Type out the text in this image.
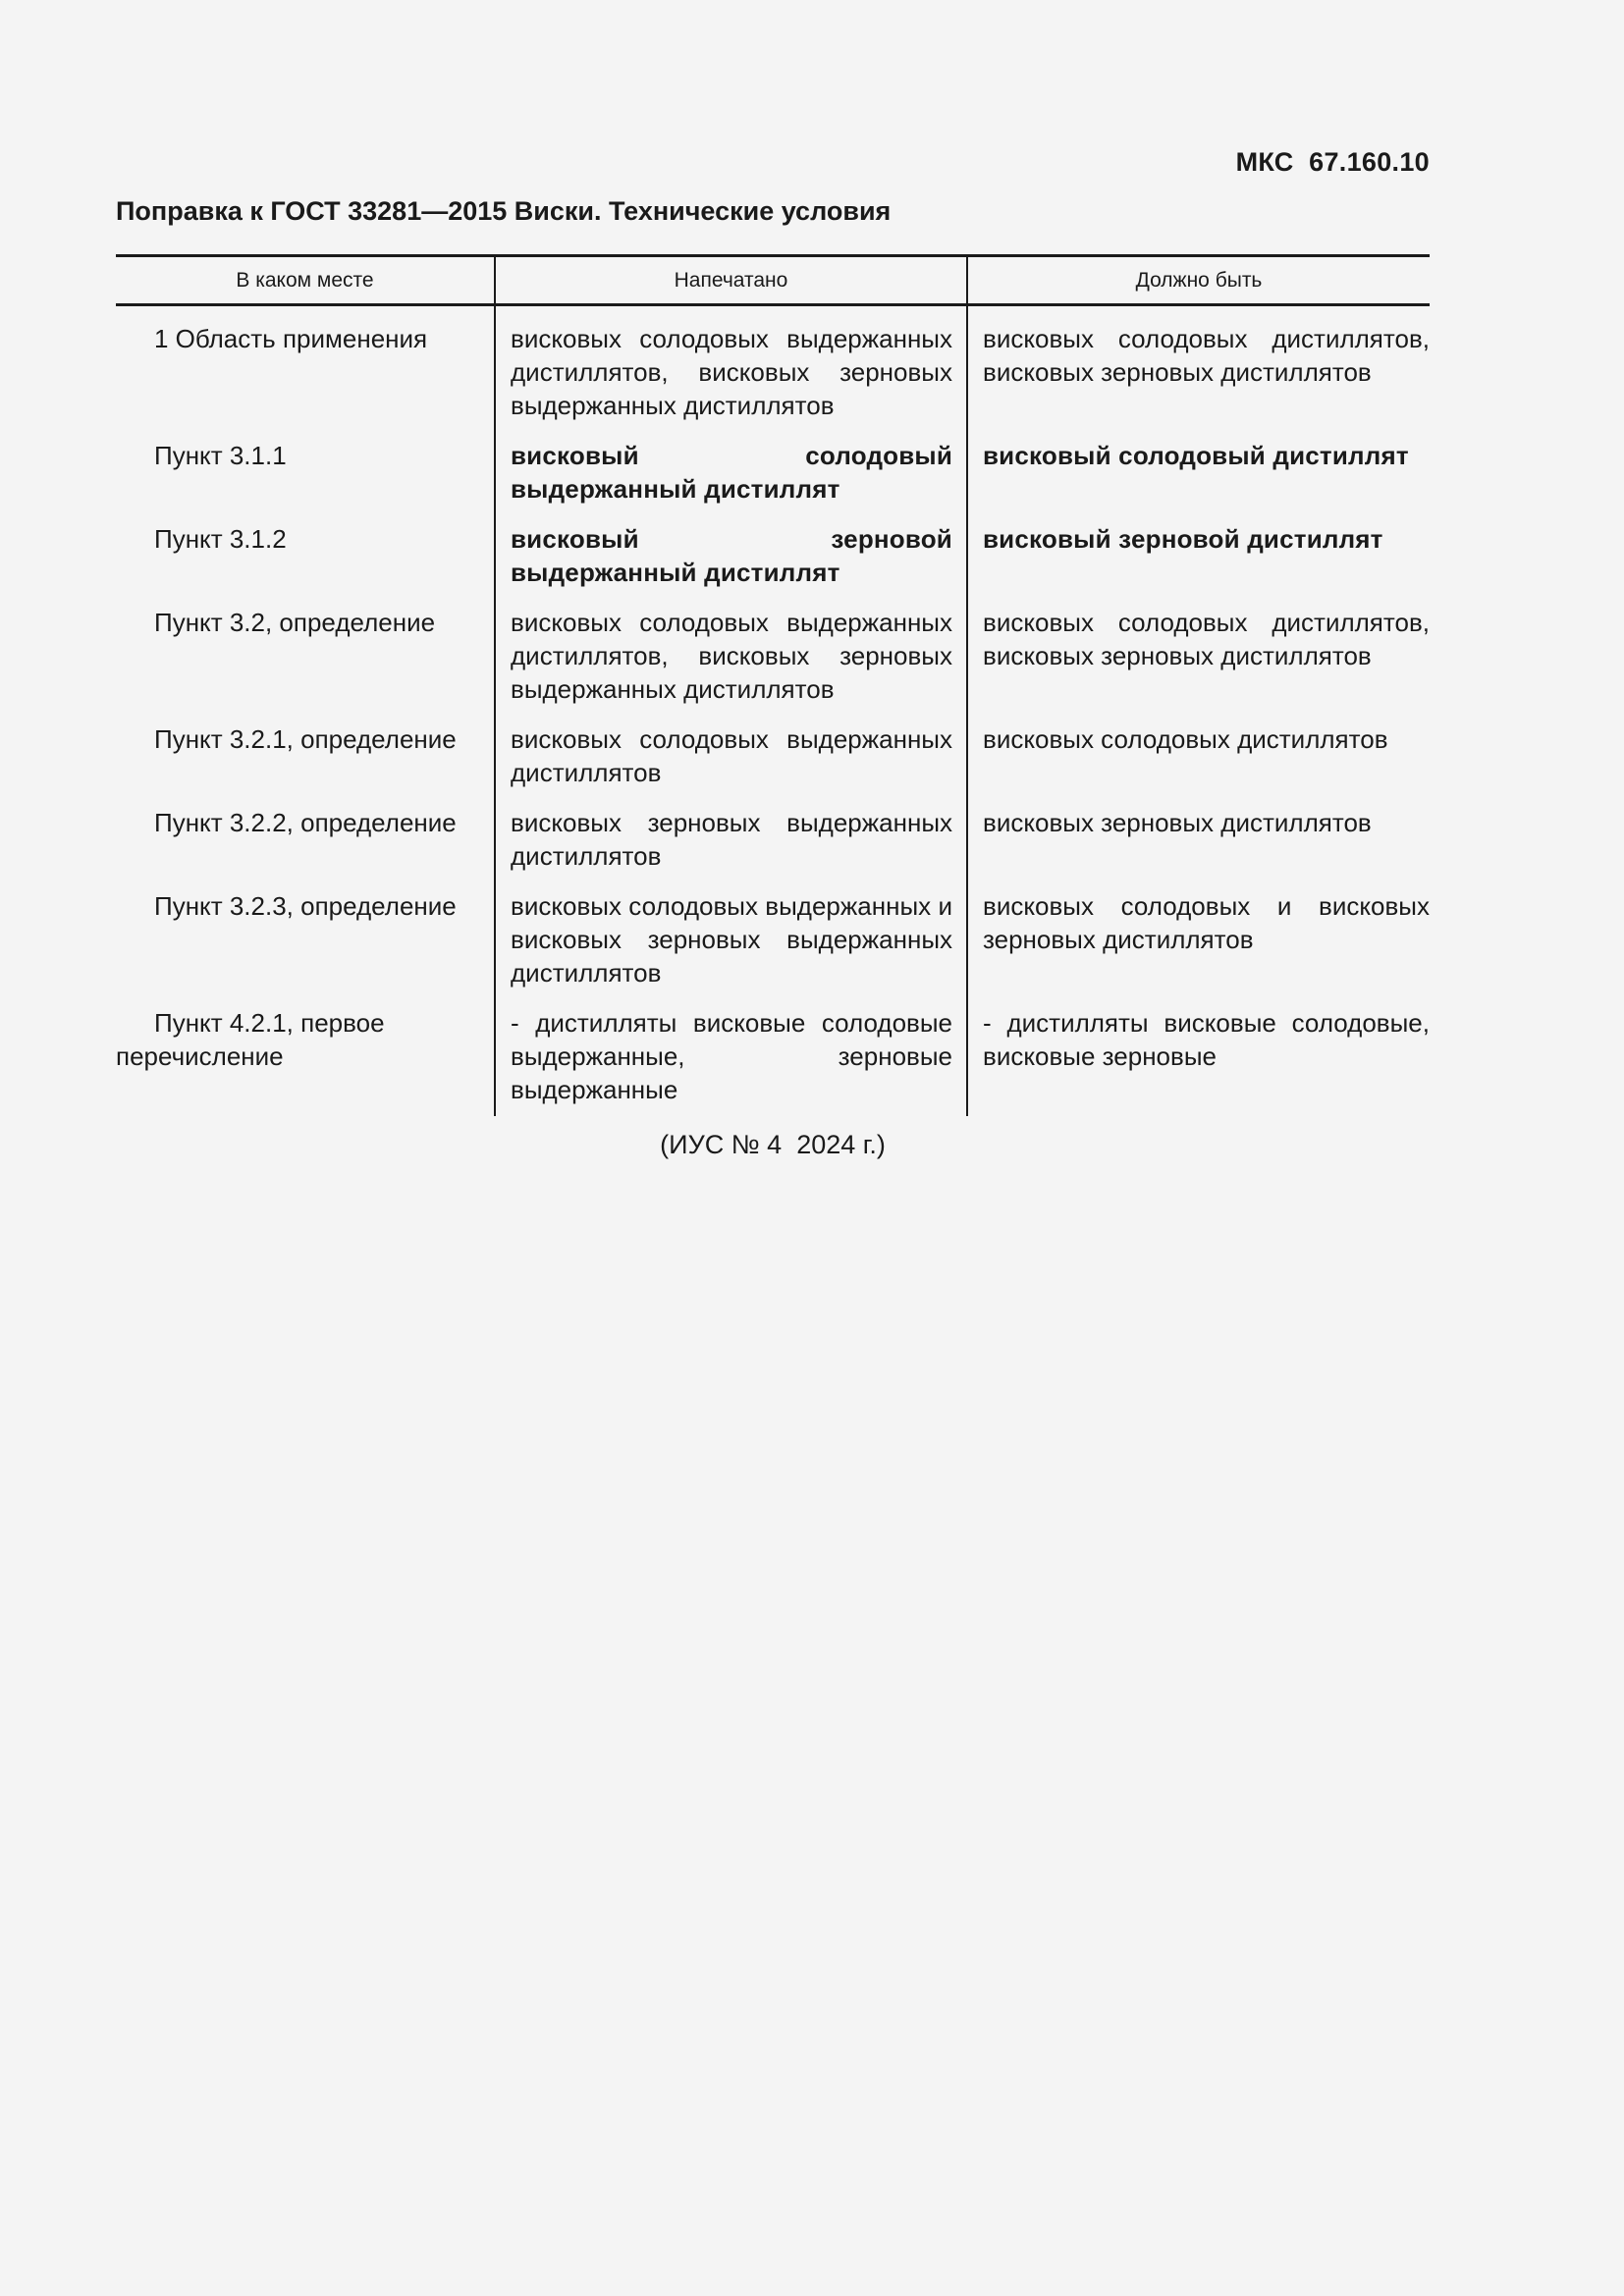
МКС  67.160.10
Поправка к ГОСТ 33281—2015 Виски. Технические условия
В каком месте	Напечатано	Должно быть
1 Область применения	висковых солодовых выдержанных дистиллятов, висковых зерновых выдержанных дистиллятов	висковых солодовых дистиллятов, висковых зерновых дистиллятов
Пункт 3.1.1	висковый солодовый выдержанный дистиллят	висковый солодовый дистиллят
Пункт 3.1.2	висковый зерновой выдержанный дистиллят	висковый зерновой дистиллят
Пункт 3.2, определение	висковых солодовых выдержанных дистиллятов, висковых зерновых выдержанных дистиллятов	висковых солодовых дистиллятов, висковых зерновых дистиллятов
Пункт 3.2.1, определение	висковых солодовых выдержанных дистиллятов	висковых солодовых дистиллятов
Пункт 3.2.2, определение	висковых зерновых выдержанных дистиллятов	висковых зерновых дистиллятов
Пункт 3.2.3, определение	висковых солодовых выдержанных и висковых зерновых выдержанных дистиллятов	висковых солодовых и висковых зерновых дистиллятов
Пункт 4.2.1, первое перечисление	- дистилляты висковые солодовые выдержанные, зерновые выдержанные	- дистилляты висковые солодовые, висковые зерновые
(ИУС № 4  2024 г.)
